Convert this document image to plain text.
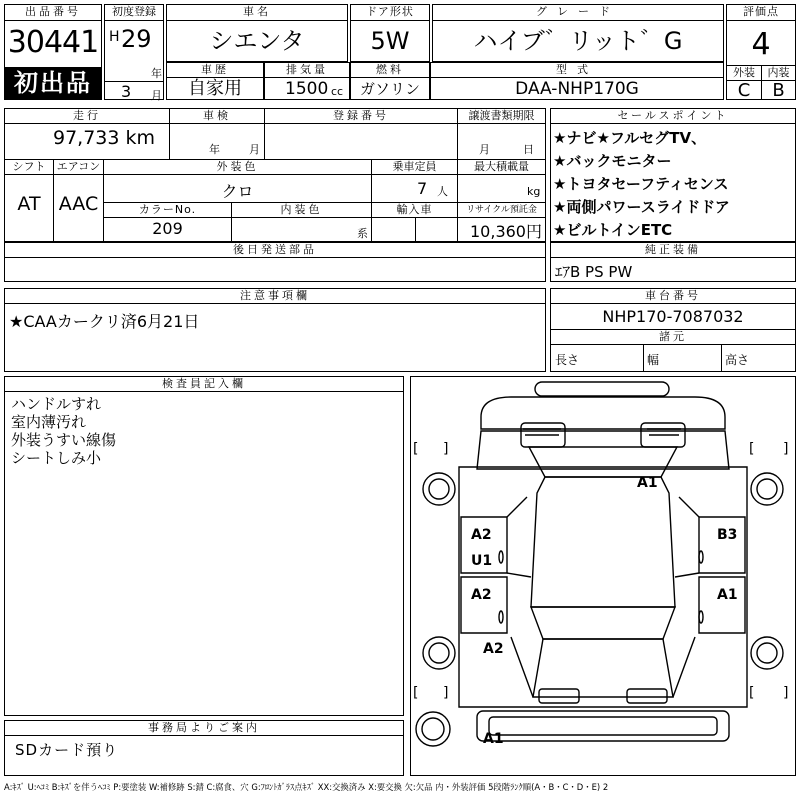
出品番号
30441
初出品
初度登録
H 29
年
3 月
車名
シエンタ
ドア形状
5W
グレード
ハイブ゛リット゛G
評価点
4
外装	内装
C	B
車歴
自家用
排気量
1500 cc
燃料
ガソリン
型式
DAA-NHP170G
走行
97,733 km
車検
年	月
登録番号	譲渡書類期限
月	日
シフト	エアコン
AT AAC
外装色
クロ
乗車定員
7 人
最大積載量
kg
カラーNo.
209
内装色
系
輸入車	リサイクル預託金
10,360円
セールスポイント
★ナビ★フルセグTV、
★バックモニター
★トヨタセーフティセンス
★両側パワースライドドア
★ビルトインETC
後日発送部品	純正装備
ｴｱB PS PW
注意事項欄
★CAAカークリ済6月21日
車台番号
NHP170-7087032
諸元
長さ	幅	高さ
検査員記入欄
ハンドルすれ
室内薄汚れ
外装うすい線傷
シートしみ小
事務局よりご案内
SDカード預り
[ ]	[ ]
[ ]	[ ]
A1
A2
U1
A2
A2
B3
A1
A1
A:ｷｽﾞ U:ﾍｺﾐ B:ｷｽﾞを伴うﾍｺﾐ P:要塗装 W:補修跡 S:錆 C:腐食、穴 G:ﾌﾛﾝﾄｶﾞﾗｽ点ｷｽﾞ XX:交換済み X:要交換 欠:欠品 内・外装評価 5段階ﾗﾝｸ順(A・B・C・D・E) 2
